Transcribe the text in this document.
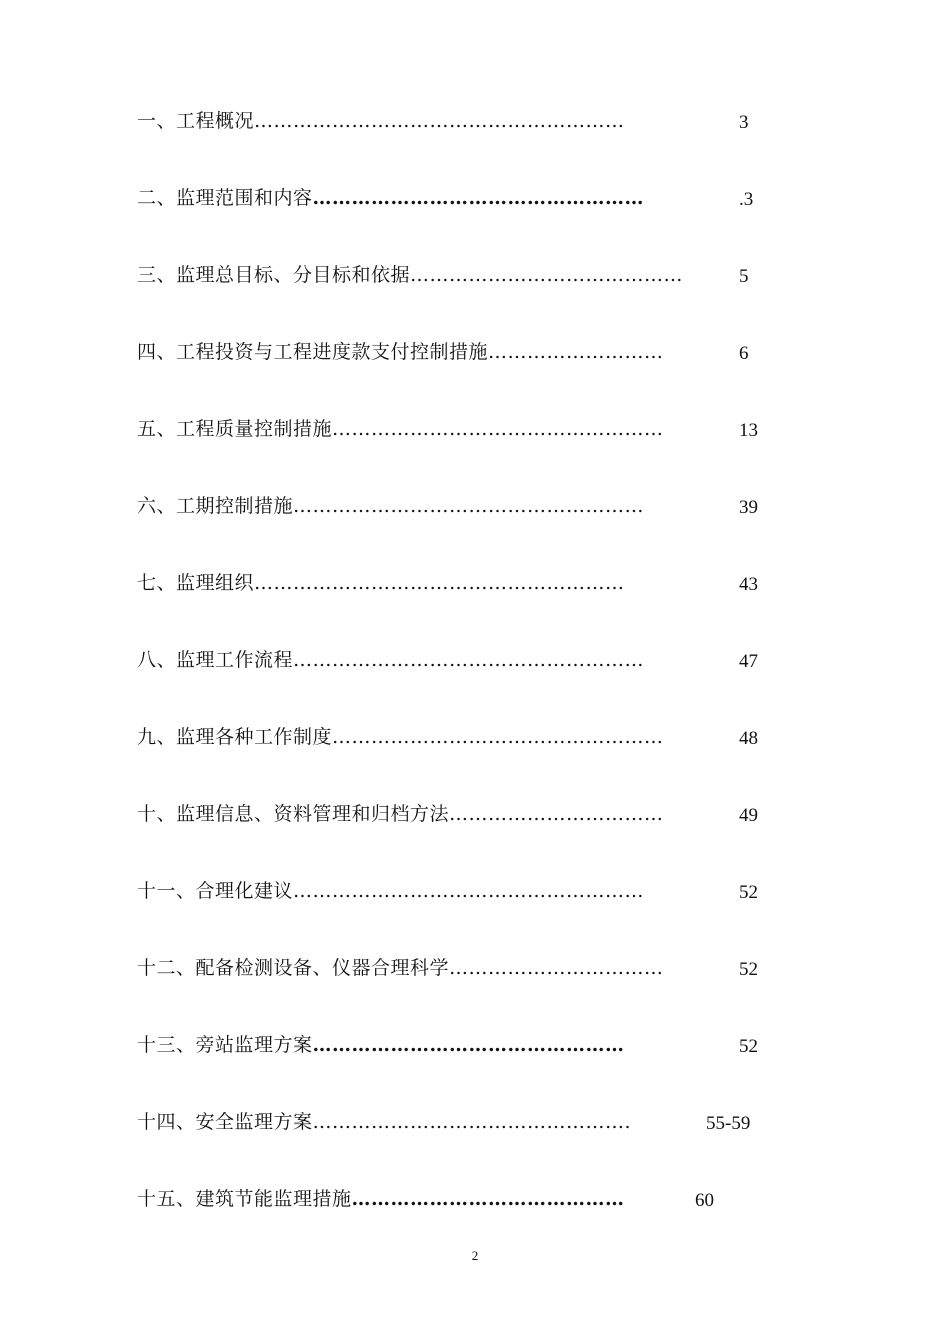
一、工程概况…………………………………………………	3
二、监理范围和内容……………………………………………	.3
三、监理总目标、分目标和依据……………………………………	5
四、工程投资与工程进度款支付控制措施………………………	6
五、工程质量控制措施……………………………………………	13
六、工期控制措施………………………………………………	39
七、监理组织…………………………………………………	43
八、监理工作流程………………………………………………	47
九、监理各种工作制度……………………………………………	48
十、监理信息、资料管理和归档方法……………………………	49
十一、合理化建议………………………………………………	52
十二、配备检测设备、仪器合理科学……………………………	52
十三、旁站监理方案…………………………………………	52
十四、安全监理方案………………………………………….	55-59
十五、建筑节能监理措施……………………………………	60
2
